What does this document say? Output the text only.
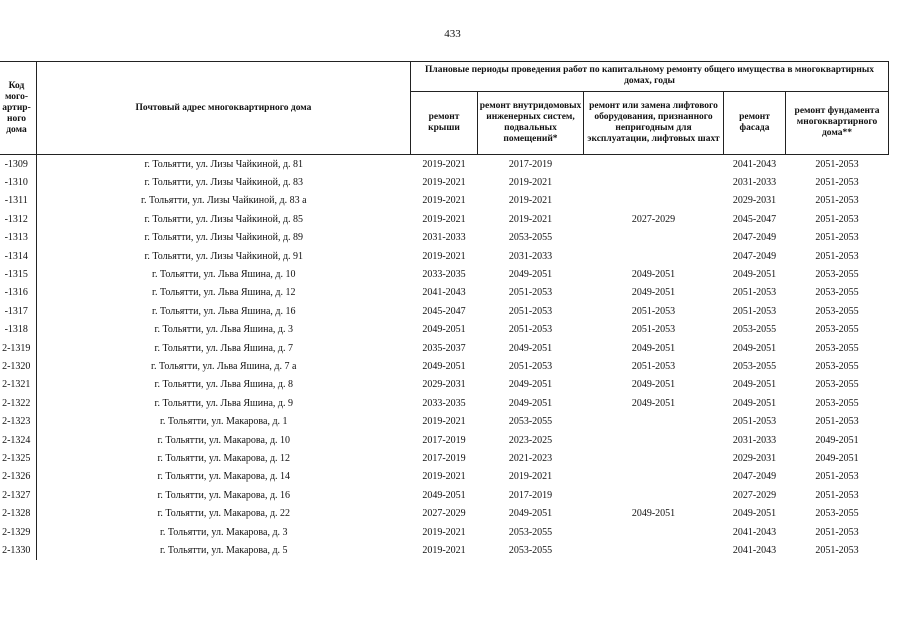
433
Код
мого-
артир-
ного
дома	Почтовый адрес многоквартирного дома	Плановые периоды проведения работ по капитальному ремонту общего имущества в многоквартирных домах, годы				
		ремонт крыши	ремонт внутридомовых инженерных систем, подвальных помещений*	ремонт или замена лифтового оборудования, признанного непригодным для эксплуатации, лифтовых шахт	ремонт фасада	ремонт фундамента многоквартирного дома**
-1309	г. Тольятти, ул. Лизы Чайкиной, д. 81	2019-2021	2017-2019		2041-2043	2051-2053
-1310	г. Тольятти, ул. Лизы Чайкиной, д. 83	2019-2021	2019-2021		2031-2033	2051-2053
-1311	г. Тольятти, ул. Лизы Чайкиной, д. 83 а	2019-2021	2019-2021		2029-2031	2051-2053
-1312	г. Тольятти, ул. Лизы Чайкиной, д. 85	2019-2021	2019-2021	2027-2029	2045-2047	2051-2053
-1313	г. Тольятти, ул. Лизы Чайкиной, д. 89	2031-2033	2053-2055		2047-2049	2051-2053
-1314	г. Тольятти, ул. Лизы Чайкиной, д. 91	2019-2021	2031-2033		2047-2049	2051-2053
-1315	г. Тольятти, ул. Льва Яшина, д. 10	2033-2035	2049-2051	2049-2051	2049-2051	2053-2055
-1316	г. Тольятти, ул. Льва Яшина, д. 12	2041-2043	2051-2053	2049-2051	2051-2053	2053-2055
-1317	г. Тольятти, ул. Льва Яшина, д. 16	2045-2047	2051-2053	2051-2053	2051-2053	2053-2055
-1318	г. Тольятти, ул. Льва Яшина, д. 3	2049-2051	2051-2053	2051-2053	2053-2055	2053-2055
2-1319	г. Тольятти, ул. Льва Яшина, д. 7	2035-2037	2049-2051	2049-2051	2049-2051	2053-2055
2-1320	г. Тольятти, ул. Льва Яшина, д. 7 а	2049-2051	2051-2053	2051-2053	2053-2055	2053-2055
2-1321	г. Тольятти, ул. Льва Яшина, д. 8	2029-2031	2049-2051	2049-2051	2049-2051	2053-2055
2-1322	г. Тольятти, ул. Льва Яшина, д. 9	2033-2035	2049-2051	2049-2051	2049-2051	2053-2055
2-1323	г. Тольятти, ул. Макарова, д. 1	2019-2021	2053-2055		2051-2053	2051-2053
2-1324	г. Тольятти, ул. Макарова, д. 10	2017-2019	2023-2025		2031-2033	2049-2051
2-1325	г. Тольятти, ул. Макарова, д. 12	2017-2019	2021-2023		2029-2031	2049-2051
2-1326	г. Тольятти, ул. Макарова, д. 14	2019-2021	2019-2021		2047-2049	2051-2053
2-1327	г. Тольятти, ул. Макарова, д. 16	2049-2051	2017-2019		2027-2029	2051-2053
2-1328	г. Тольятти, ул. Макарова, д. 22	2027-2029	2049-2051	2049-2051	2049-2051	2053-2055
2-1329	г. Тольятти, ул. Макарова, д. 3	2019-2021	2053-2055		2041-2043	2051-2053
2-1330	г. Тольятти, ул. Макарова, д. 5	2019-2021	2053-2055		2041-2043	2051-2053
